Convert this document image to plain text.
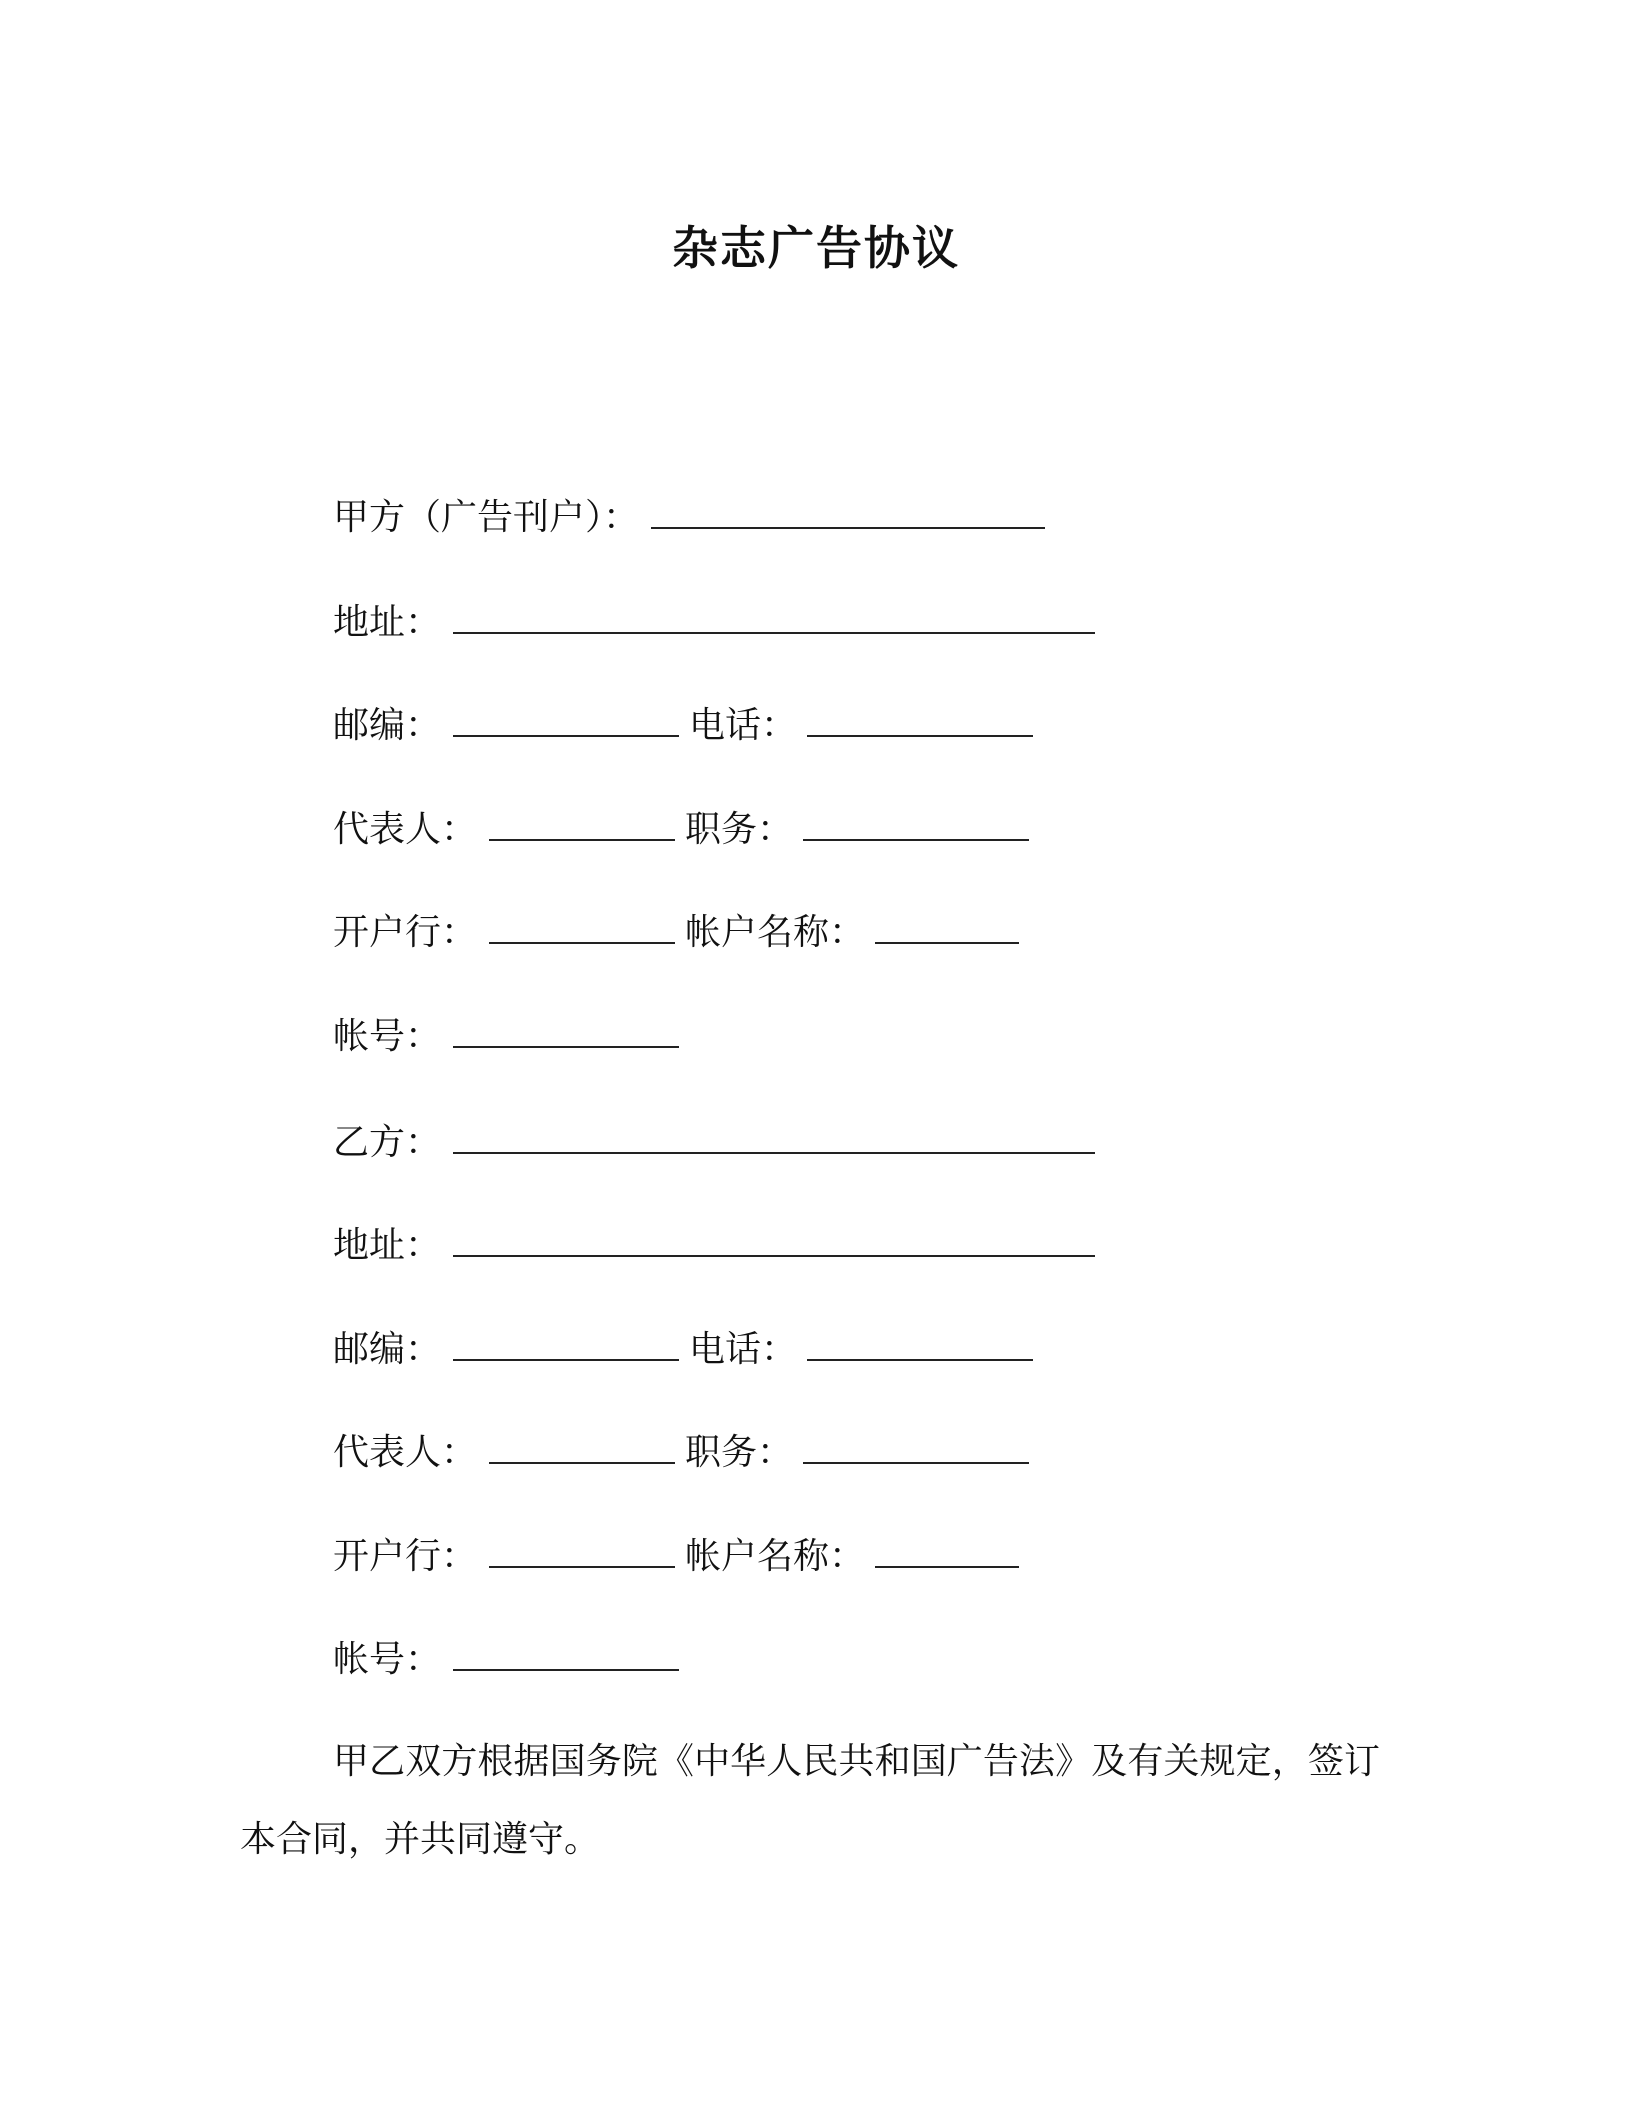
杂志广告协议
甲方（广告刊户）：
地址：
邮编：	电话：
代表人：	职务：
开户行：	帐户名称：
帐号：
乙方：
地址：
邮编：	电话：
代表人：	职务：
开户行：	帐户名称：
帐号：
甲乙双方根据国务院《中华人民共和国广告法》及有关规定，签订本合同，并共同遵守。
